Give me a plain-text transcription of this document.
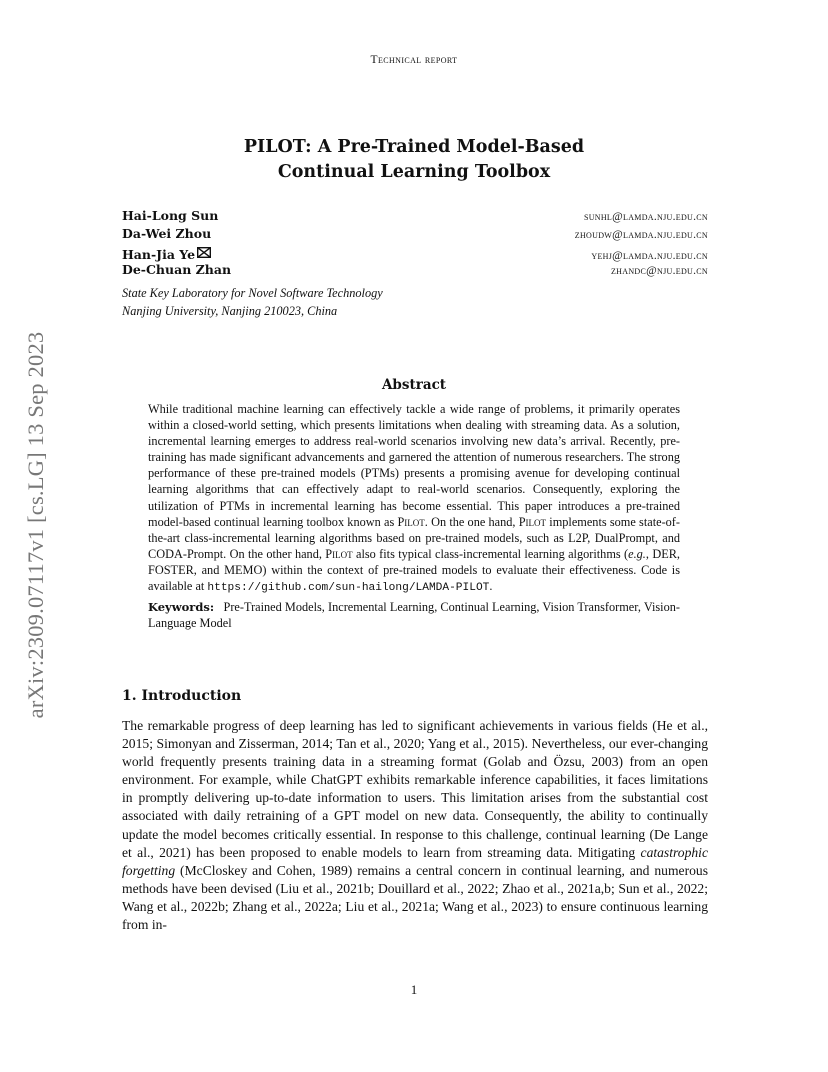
arXiv:2309.07117v1 [cs.LG] 13 Sep 2023
Technical report
PILOT: A Pre-Trained Model-Based
Continual Learning Toolbox
Hai-Long Sun	sunhl@lamda.nju.edu.cn
Da-Wei Zhou	zhoudw@lamda.nju.edu.cn
Han-Jia Ye	yehj@lamda.nju.edu.cn
De-Chuan Zhan	zhandc@nju.edu.cn
State Key Laboratory for Novel Software Technology
Nanjing University, Nanjing 210023, China
Abstract
While traditional machine learning can effectively tackle a wide range of problems, it primarily operates within a closed-world setting, which presents limitations when dealing with streaming data. As a solution, incremental learning emerges to address real-world scenarios involving new data’s arrival. Recently, pre-training has made significant advancements and garnered the attention of numerous researchers. The strong performance of these pre-trained models (PTMs) presents a promising avenue for developing continual learning algorithms that can effectively adapt to real-world scenarios. Consequently, exploring the utilization of PTMs in incremental learning has become essential. This paper introduces a pre-trained model-based continual learning toolbox known as Pilot. On the one hand, Pilot implements some state-of-the-art class-incremental learning algorithms based on pre-trained models, such as L2P, DualPrompt, and CODA-Prompt. On the other hand, Pilot also fits typical class-incremental learning algorithms (e.g., DER, FOSTER, and MEMO) within the context of pre-trained models to evaluate their effectiveness. Code is available at https://github.com/sun-hailong/LAMDA-PILOT.
Keywords: Pre-Trained Models, Incremental Learning, Continual Learning, Vision Transformer, Vision-Language Model
1. Introduction
The remarkable progress of deep learning has led to significant achievements in various fields (He et al., 2015; Simonyan and Zisserman, 2014; Tan et al., 2020; Yang et al., 2015). Nevertheless, our ever-changing world frequently presents training data in a streaming format (Golab and Özsu, 2003) from an open environment. For example, while ChatGPT exhibits remarkable inference capabilities, it faces limitations in promptly delivering up-to-date information to users. This limitation arises from the substantial cost associated with daily retraining of a GPT model on new data. Consequently, the ability to continually update the model becomes critically essential. In response to this challenge, continual learning (De Lange et al., 2021) has been proposed to enable models to learn from streaming data. Mitigating catastrophic forgetting (McCloskey and Cohen, 1989) remains a central concern in continual learning, and numerous methods have been devised (Liu et al., 2021b; Douillard et al., 2022; Zhao et al., 2021a,b; Sun et al., 2022; Wang et al., 2022b; Zhang et al., 2022a; Liu et al., 2021a; Wang et al., 2023) to ensure continuous learning from in-
1
